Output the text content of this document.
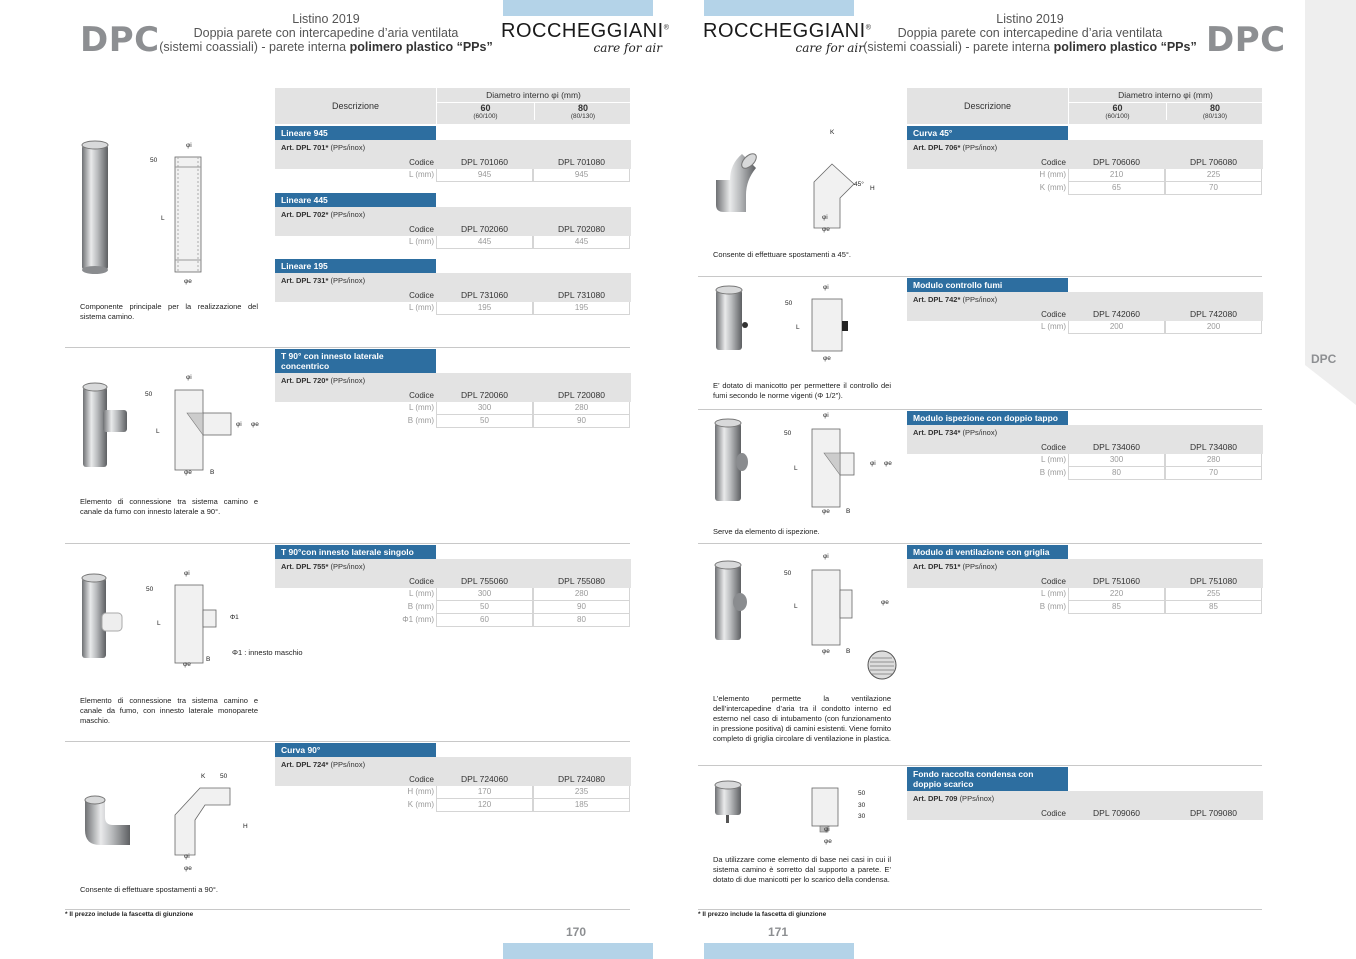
DPC
Listino 2019
Doppia parete con intercapedine d’aria ventilata
(sistemi coassiali) - parete interna polimero plastico “PPs”
ROCCHEGGIANI®
care for air
Descrizione
Diametro interno φi (mm)
60
(60/100)
80
(80/130)
Lineare 945
Art. DPL 701* (PPs/inox)
Codice	DPL 701060	DPL 701080
L (mm)	945	945
Lineare 445
Art. DPL 702* (PPs/inox)
Codice	DPL 702060	DPL 702080
L (mm)	445	445
Lineare 195
Art. DPL 731* (PPs/inox)
Codice	DPL 731060	DPL 731080
L (mm)	195	195
T 90° con innesto laterale concentrico
Art. DPL 720* (PPs/inox)
Codice	DPL 720060	DPL 720080
L (mm)	300	280
B (mm)	50	90
T 90°con innesto laterale singolo
Art. DPL 755* (PPs/inox)
Codice	DPL 755060	DPL 755080
L (mm)	300	280
B (mm)	50	90
Φ1 (mm)	60	80
Curva 90°
Art. DPL 724* (PPs/inox)
Codice	DPL 724060	DPL 724080
H (mm)	170	235
K (mm)	120	185
Componente principale per la realizzazione del sistema camino.
Elemento di connessione tra sistema camino e canale da fumo con innesto laterale a 90°.
Elemento di connessione tra sistema camino e canale da fumo, con innesto laterale monoparete maschio.
Consente di effettuare spostamenti a 90°.
Φ1 : innesto maschio
* Il prezzo include la fascetta di giunzione
φi
50
L
φe
φi
50
L
φi φe
φe	B
φi
50
L
Φ1
B
φe
K 50
H
φi
φe
170
DPC
ROCCHEGGIANI®
care for air
Listino 2019
Doppia parete con intercapedine d’aria ventilata
(sistemi coassiali) - parete interna polimero plastico “PPs” DPC
Descrizione
Diametro interno φi (mm)
60
(60/100)
80
(80/130)
Curva 45°
Art. DPL 706* (PPs/inox)
Codice	DPL 706060	DPL 706080
H (mm)	210	225
K (mm)	65	70
Modulo controllo fumi
Art. DPL 742* (PPs/inox)
Codice	DPL 742060	DPL 742080
L (mm)	200	200
Modulo ispezione con doppio tappo
Art. DPL 734* (PPs/inox)
Codice	DPL 734060	DPL 734080
L (mm)	300	280
B (mm)	80	70
Modulo di ventilazione con griglia
Art. DPL 751* (PPs/inox)
Codice	DPL 751060	DPL 751080
L (mm)	220	255
B (mm)	85	85
Fondo raccolta condensa con doppio scarico
Art. DPL 709 (PPs/inox)
Codice	DPL 709060	DPL 709080
Consente di effettuare spostamenti a 45°.
E’ dotato di manicotto per permettere il controllo dei fumi secondo le norme vigenti (Φ 1/2”).
Serve da elemento di ispezione.
L’elemento permette la ventilazione dell’intercapedine d’aria tra il condotto interno ed esterno nel caso di intubamento (con funzionamento in pressione positiva) di camini esistenti. Viene fornito completo di griglia circolare di ventilazione in plastica.
Da utilizzare come elemento di base nei casi in cui il sistema camino è sorretto dal supporto a parete. E’ dotato di due manicotti per lo scarico della condensa.
* Il prezzo include la fascetta di giunzione
K
45°
H
φi
φe
φi
50
L
φe
φi
50
L
φi φe
φe B
φi
50
L
φe
φe B
50
30
30
φi
φe
171
